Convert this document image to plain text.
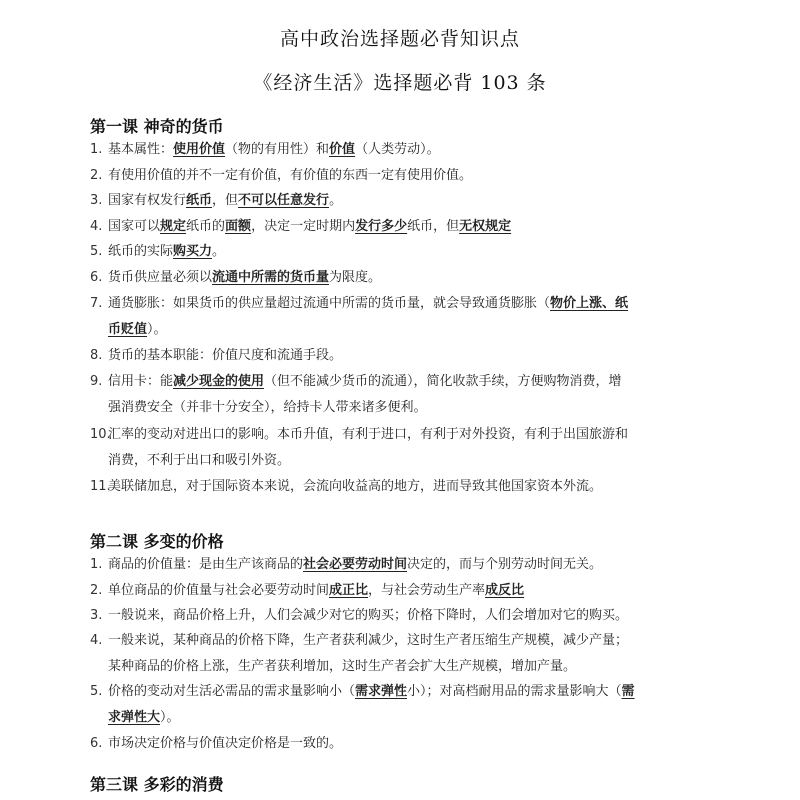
高中政治选择题必背知识点
《经济生活》选择题必背 103 条
第一课 神奇的货币
1. 基本属性：使用价值（物的有用性）和价值（人类劳动）。
2. 有使用价值的并不一定有价值，有价值的东西一定有使用价值。
3. 国家有权发行纸币，但不可以任意发行。
4. 国家可以规定纸币的面额，决定一定时期内发行多少纸币，但无权规定
5. 纸币的实际购买力。
6. 货币供应量必须以流通中所需的货币量为限度。
7. 通货膨胀：如果货币的供应量超过流通中所需的货币量，就会导致通货膨胀（物价上涨、纸
币贬值）。
8. 货币的基本职能：价值尺度和流通手段。
9. 信用卡：能减少现金的使用（但不能减少货币的流通），简化收款手续，方便购物消费，增
强消费安全（并非十分安全），给持卡人带来诸多便利。
10.汇率的变动对进出口的影响。本币升值，有利于进口，有利于对外投资，有利于出国旅游和
消费，不利于出口和吸引外资。
11.美联储加息，对于国际资本来说，会流向收益高的地方，进而导致其他国家资本外流。
第二课 多变的价格
1. 商品的价值量：是由生产该商品的社会必要劳动时间决定的，而与个别劳动时间无关。
2. 单位商品的价值量与社会必要劳动时间成正比，与社会劳动生产率成反比
3. 一般说来，商品价格上升，人们会减少对它的购买；价格下降时，人们会增加对它的购买。
4. 一般来说，某种商品的价格下降，生产者获利减少，这时生产者压缩生产规模，减少产量；
某种商品的价格上涨，生产者获利增加，这时生产者会扩大生产规模，增加产量。
5. 价格的变动对生活必需品的需求量影响小（需求弹性小）；对高档耐用品的需求量影响大（需
求弹性大）。
6. 市场决定价格与价值决定价格是一致的。
第三课 多彩的消费
